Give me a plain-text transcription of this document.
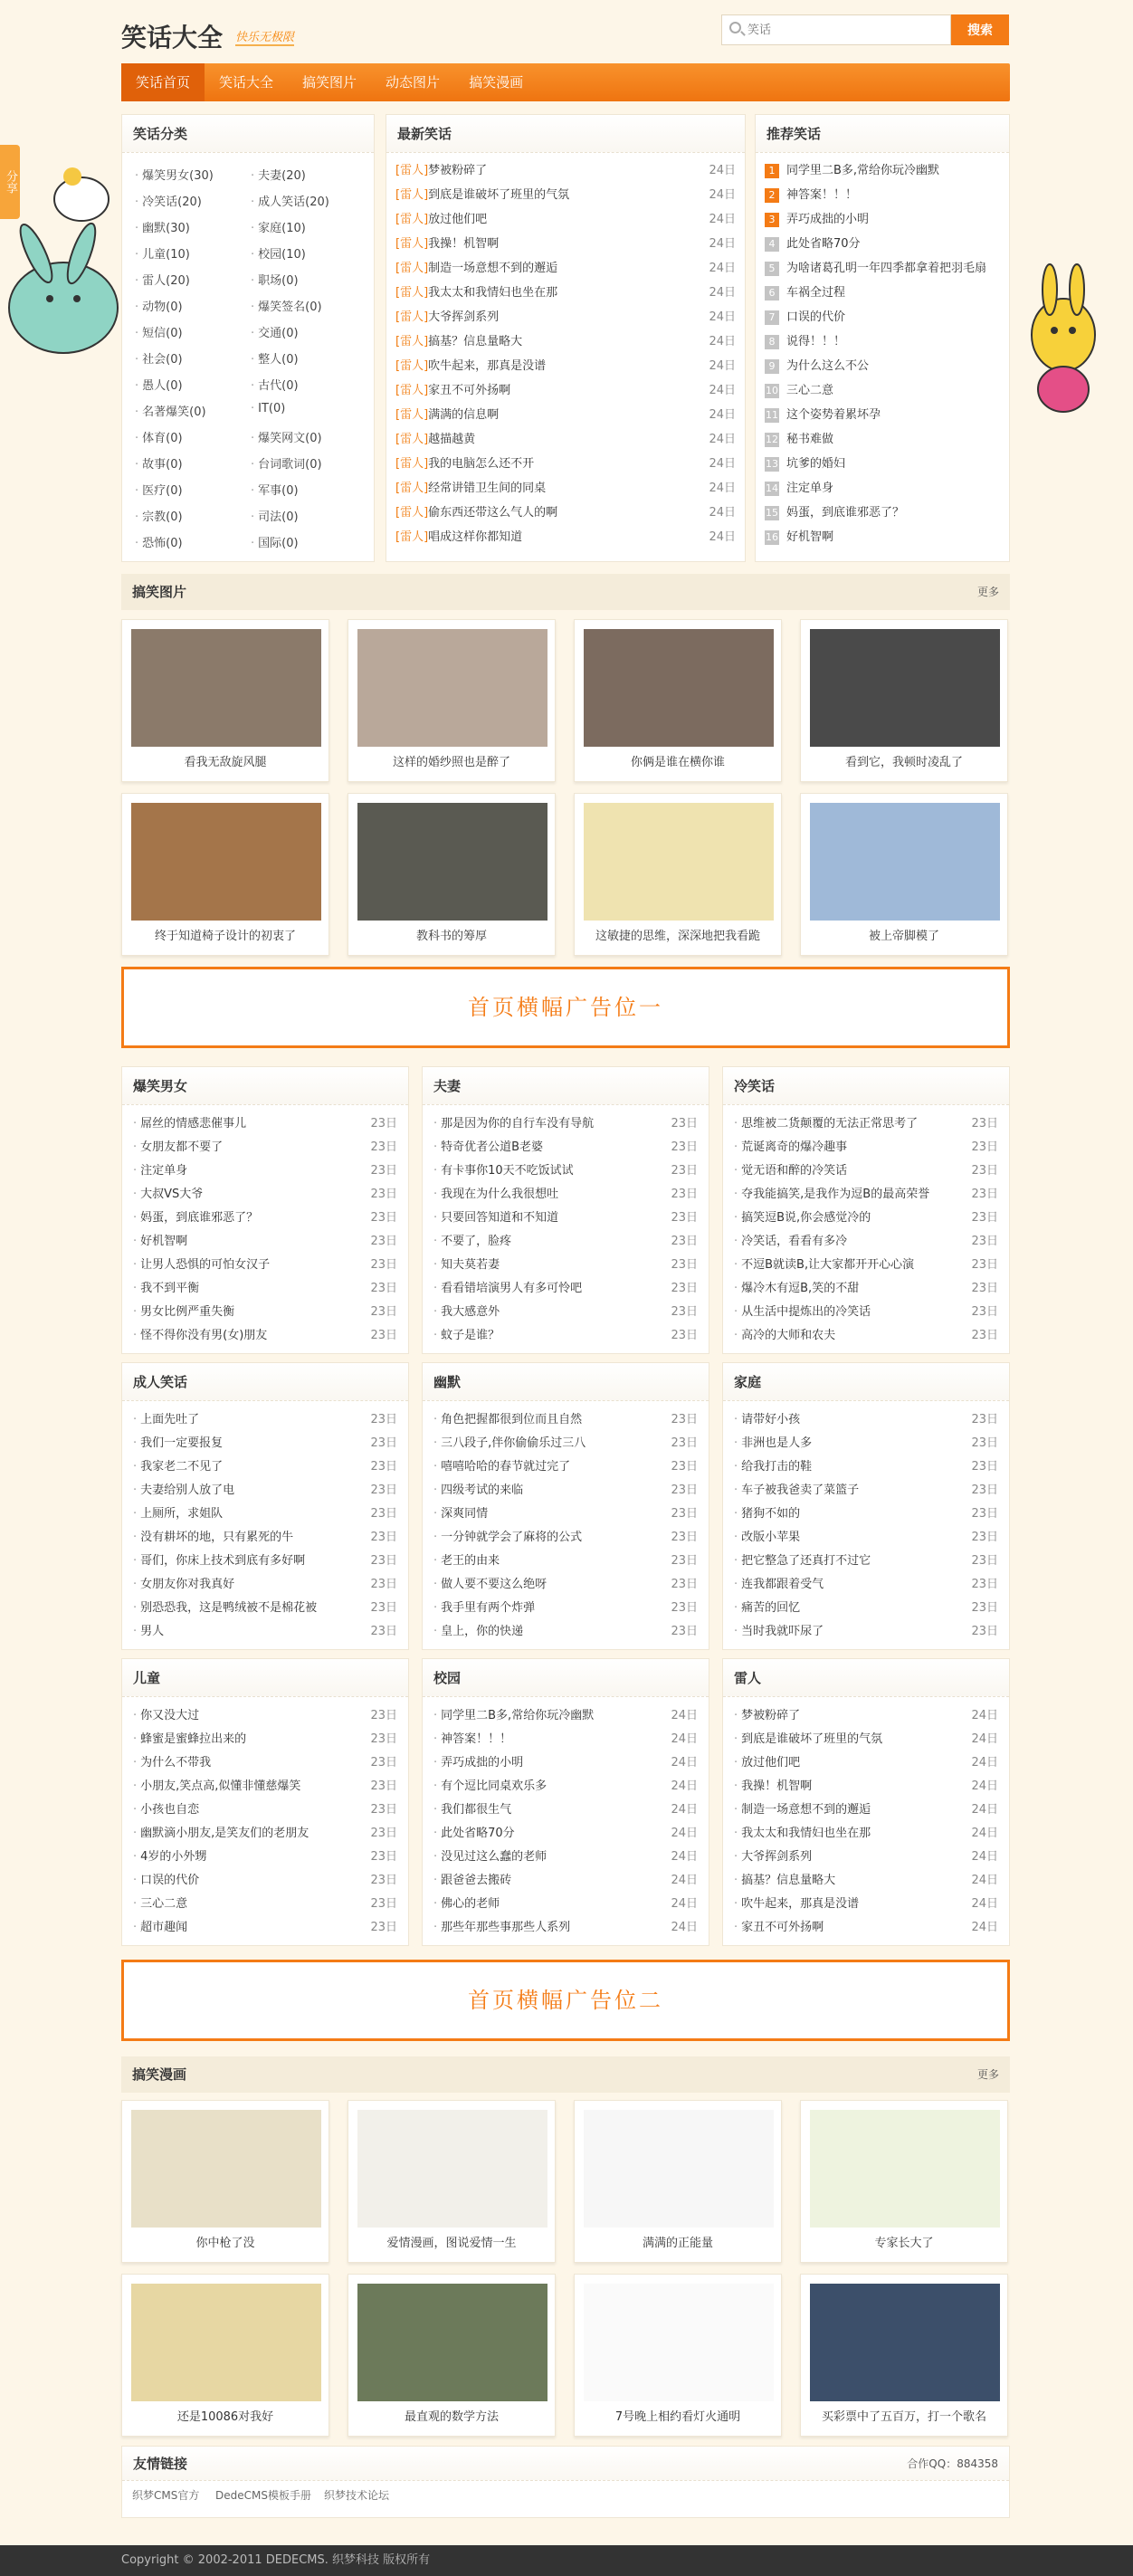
笑话大全 快乐无极限
笑话	搜索
笑话首页	笑话大全	搞笑图片	动态图片	搞笑漫画
分享
笑话分类
· 爆笑男女(30)	· 夫妻(20)
· 冷笑话(20)	· 成人笑话(20)
· 幽默(30)	· 家庭(10)
· 儿童(10)	· 校园(10)
· 雷人(20)	· 职场(0)
· 动物(0)	· 爆笑签名(0)
· 短信(0)	· 交通(0)
· 社会(0)	· 整人(0)
· 愚人(0)	· 古代(0)
· 名著爆笑(0)	· IT(0)
· 体育(0)	· 爆笑网文(0)
· 故事(0)	· 台词歌词(0)
· 医疗(0)	· 军事(0)
· 宗教(0)	· 司法(0)
· 恐怖(0)	· 国际(0)
最新笑话
[雷人]梦被粉碎了	24日
[雷人]到底是谁破坏了班里的气氛	24日
[雷人]放过他们吧	24日
[雷人]我操！机智啊	24日
[雷人]制造一场意想不到的邂逅	24日
[雷人]我太太和我情妇也坐在那	24日
[雷人]大爷挥剑系列	24日
[雷人]搞基？信息量略大	24日
[雷人]吹牛起来，那真是没谱	24日
[雷人]家丑不可外扬啊	24日
[雷人]满满的信息啊	24日
[雷人]越描越黄	24日
[雷人]我的电脑怎么还不开	24日
[雷人]经常讲错卫生间的同桌	24日
[雷人]偷东西还带这么气人的啊	24日
[雷人]唱成这样你都知道	24日
推荐笑话
1 同学里二B多,常给你玩冷幽默
2 神答案！！！
3 弄巧成拙的小明
4 此处省略70分
5 为啥诸葛孔明一年四季都拿着把羽毛扇
6 车祸全过程
7 口误的代价
8 说得！！！
9 为什么这么不公
10 三心二意
11 这个姿势着累坏孕
12 秘书难做
13 坑爹的婚妇
14 注定单身
15 妈蛋，到底谁邪恶了？
16 好机智啊
搞笑图片	更多
看我无敌旋风腿	这样的婚纱照也是醉了	你俩是谁在横你谁	看到它，我顿时凌乱了
终于知道椅子设计的初衷了	教科书的筹厚	这敏捷的思维，深深地把我看跪	被上帝脚模了
首页横幅广告位一
爆笑男女
· 屌丝的情感悲催事儿	23日
· 女朋友都不要了	23日
· 注定单身	23日
· 大叔VS大爷	23日
· 妈蛋，到底谁邪恶了？	23日
· 好机智啊	23日
· 让男人恐惧的可怕女汉子	23日
· 我不到平衡	23日
· 男女比例严重失衡	23日
· 怪不得你没有男(女)朋友	23日
夫妻
· 那是因为你的自行车没有导航	23日
· 特奇优者公道B老婆	23日
· 有卡事你10天不吃饭试试	23日
· 我现在为什么我很想吐	23日
· 只要回答知道和不知道	23日
· 不要了，脸疼	23日
· 知夫莫若妻	23日
· 看看错培演男人有多可怜吧	23日
· 我大感意外	23日
· 蚊子是谁？	23日
冷笑话
· 思维被二货颠覆的无法正常思考了	23日
· 荒诞离奇的爆冷趣事	23日
· 觉无语和醉的冷笑话	23日
· 夺我能搞笑,是我作为逗B的最高荣誉	23日
· 搞笑逗B说,你会感觉冷的	23日
· 冷笑话，看看有多冷	23日
· 不逗B就读B,让大家都开开心心演	23日
· 爆冷木有逗B,笑的不甜	23日
· 从生活中提炼出的冷笑话	23日
· 高冷的大师和农夫	23日
成人笑话
· 上面先吐了	23日
· 我们一定要报复	23日
· 我家老二不见了	23日
· 夫妻给别人放了电	23日
· 上厕所，求姐队	23日
· 没有耕坏的地，只有累死的牛	23日
· 哥们，你床上技术到底有多好啊	23日
· 女朋友你对我真好	23日
· 别恐恐我，这是鸭绒被不是棉花被	23日
· 男人	23日
幽默
· 角色把握都很到位而且自然	23日
· 三八段子,伴你偷偷乐过三八	23日
· 嘻嘻哈哈的春节就过完了	23日
· 四级考试的来临	23日
· 深爽同情	23日
· 一分钟就学会了麻将的公式	23日
· 老王的由来	23日
· 做人要不要这么绝呀	23日
· 我手里有两个炸弹	23日
· 皇上，你的快递	23日
家庭
· 请带好小孩	23日
· 非洲也是人多	23日
· 给我打击的鞋	23日
· 车子被我爸卖了菜篮子	23日
· 猪狗不如的	23日
· 改版小苹果	23日
· 把它整急了还真打不过它	23日
· 连我都跟着受气	23日
· 痛苦的回忆	23日
· 当时我就吓尿了	23日
儿童
· 你又没大过	23日
· 蜂蜜是蜜蜂拉出来的	23日
· 为什么不带我	23日
· 小朋友,笑点高,似懂非懂慈爆笑	23日
· 小孩也自恋	23日
· 幽默滴小朋友,是笑友们的老朋友	23日
· 4岁的小外甥	23日
· 口误的代价	23日
· 三心二意	23日
· 超市趣闻	23日
校园
· 同学里二B多,常给你玩冷幽默	24日
· 神答案！！！	24日
· 弄巧成拙的小明	24日
· 有个逗比同桌欢乐多	24日
· 我们都很生气	24日
· 此处省略70分	24日
· 没见过这么蠢的老师	24日
· 跟爸爸去搬砖	24日
· 佛心的老师	24日
· 那些年那些事那些人系列	24日
雷人
· 梦被粉碎了	24日
· 到底是谁破坏了班里的气氛	24日
· 放过他们吧	24日
· 我操！机智啊	24日
· 制造一场意想不到的邂逅	24日
· 我太太和我情妇也坐在那	24日
· 大爷挥剑系列	24日
· 搞基？信息量略大	24日
· 吹牛起来，那真是没谱	24日
· 家丑不可外扬啊	24日
首页横幅广告位二
搞笑漫画	更多
你中枪了没	爱情漫画，图说爱情一生	满满的正能量	专家长大了
还是10086对我好	最直观的数学方法	7号晚上相约看灯火通明	买彩票中了五百万，打一个歌名
友情链接	合作QQ：884358
织梦CMS官方 DedeCMS模板手册 织梦技术论坛
Copyright © 2002-2011 DEDECMS. 织梦科技 版权所有
